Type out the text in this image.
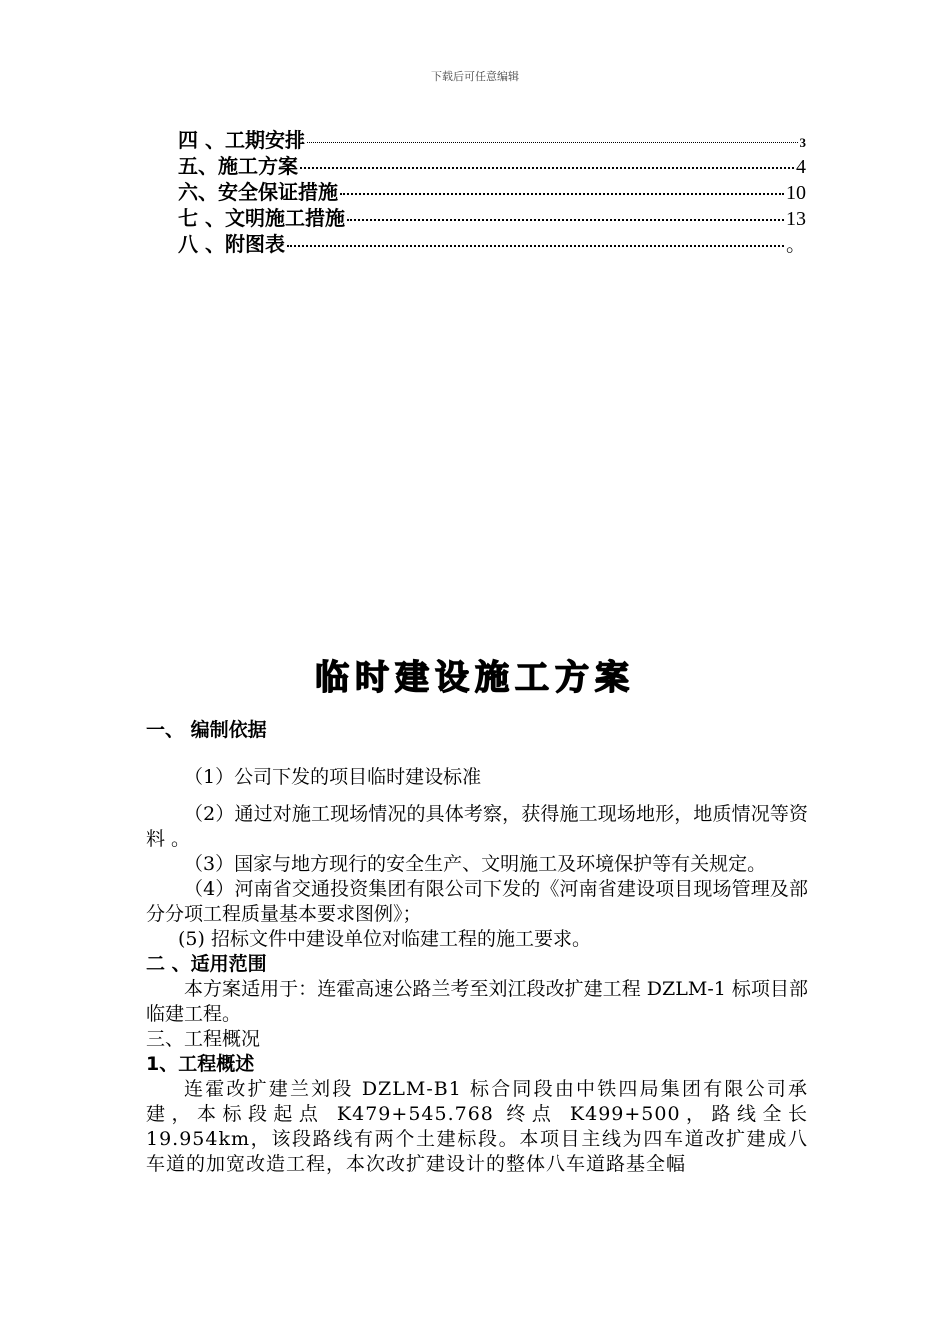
下载后可任意编辑
四 、工期安排	3
五、施工方案	4
六、安全保证措施	10
七 、文明施工措施	13
八 、附图表	。
临时建设施工方案
一、 编制依据
（1）公司下发的项目临时建设标准
（2）通过对施工现场情况的具体考察，获得施工现场地形，地质情况等资料 。
（3）国家与地方现行的安全生产、文明施工及环境保护等有关规定。
（4）河南省交通投资集团有限公司下发的《河南省建设项目现场管理及部分分项工程质量基本要求图例》；
(5) 招标文件中建设单位对临建工程的施工要求。
二 、适用范围
本方案适用于：连霍高速公路兰考至刘江段改扩建工程 DZLM-1 标项目部临建工程。
三、工程概况
1、工程概述
连霍改扩建兰刘段 DZLM-B1 标合同段由中铁四局集团有限公司承建，本标段起点 K479+545.768 终点 K499+500，路线全长 19.954km，该段路线有两个土建标段。本项目主线为四车道改扩建成八车道的加宽改造工程，本次改扩建设计的整体八车道路基全幅
